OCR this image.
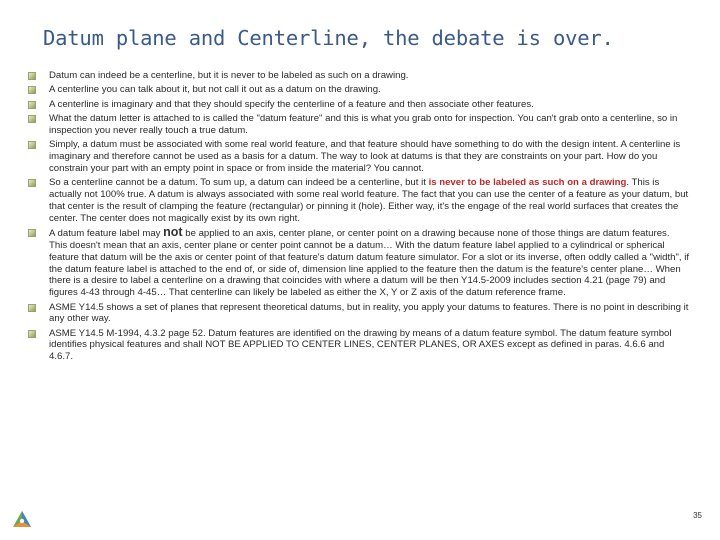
Datum plane and Centerline, the debate is over.
Datum can indeed be a centerline, but it is never to be labeled as such on a drawing.
A centerline you can talk about it, but not call it out as a datum on the drawing.
A centerline is imaginary and that they should specify the centerline of a feature and then associate other features.
What the datum letter is attached to is called the "datum feature" and this is what you grab onto for inspection. You can't grab onto a centerline, so in inspection you never really touch a true datum.
Simply, a datum must be associated with some real world feature, and that feature should have something to do with the design intent. A centerline is imaginary and therefore cannot be used as a basis for a datum. The way to look at datums is that they are constraints on your part. How do you constrain your part with an empty point in space or from inside the material? You cannot.
So a centerline cannot be a datum. To sum up, a datum can indeed be a centerline, but it is never to be labeled as such on a drawing. This is actually not 100% true. A datum is always associated with some real world feature. The fact that you can use the center of a feature as your datum, but that center is the result of clamping the feature (rectangular) or pinning it (hole). Either way, it's the engage of the real world surfaces that creates the center. The center does not magically exist by its own right.
A datum feature label may not be applied to an axis, center plane, or center point on a drawing because none of those things are datum features. This doesn't mean that an axis, center plane or center point cannot be a datum… With the datum feature label applied to a cylindrical or spherical feature that datum will be the axis or center point of that feature's datum datum feature simulator. For a slot or its inverse, often oddly called a "width", if the datum feature label is attached to the end of, or side of, dimension line applied to the feature then the datum is the feature's center plane… When there is a desire to label a centerline on a drawing that coincides with where a datum will be then Y14.5-2009 includes section 4.21 (page 79) and figures 4-43 through 4-45… That centerline can likely be labeled as either the X, Y or Z axis of the datum reference frame.
ASME Y14.5 shows a set of planes that represent theoretical datums, but in reality, you apply your datums to features. There is no point in describing it any other way.
ASME Y14.5 M-1994, 4.3.2 page 52. Datum features are identified on the drawing by means of a datum feature symbol. The datum feature symbol identifies physical features and shall NOT BE APPLIED TO CENTER LINES, CENTER PLANES, OR AXES except as defined in paras. 4.6.6 and 4.6.7.
35
